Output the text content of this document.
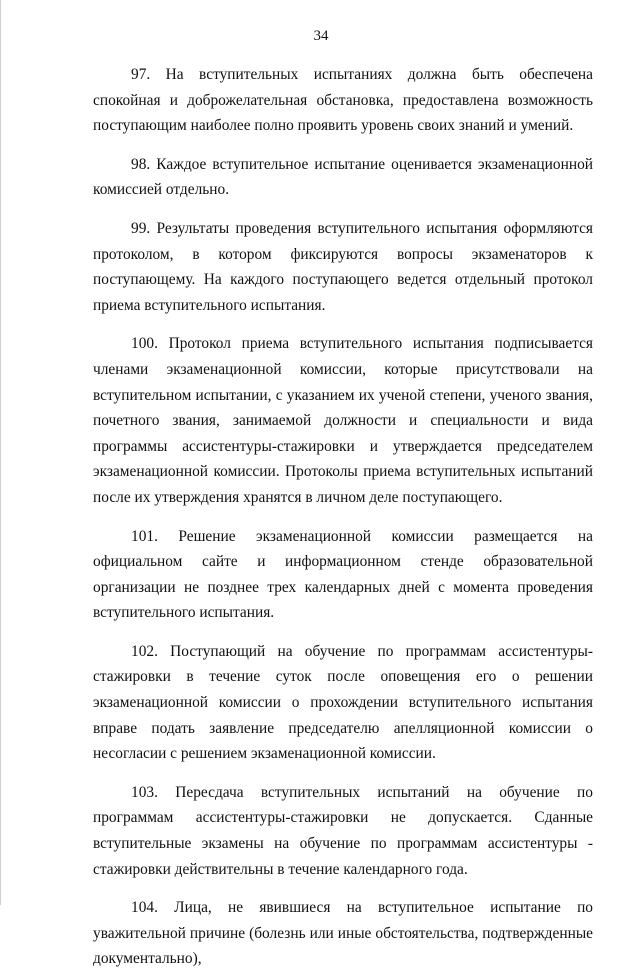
34

97. На вступительных испытаниях должна быть обеспечена спокойная и доброжелательная обстановка, предоставлена возможность поступающим наиболее полно проявить уровень своих знаний и умений.

98. Каждое вступительное испытание оценивается экзаменационной комиссией отдельно.

99. Результаты проведения вступительного испытания оформляются протоколом, в котором фиксируются вопросы экзаменаторов к поступающему. На каждого поступающего ведется отдельный протокол приема вступительного испытания.

100. Протокол приема вступительного испытания подписывается членами экзаменационной комиссии, которые присутствовали на вступительном испытании, с указанием их ученой степени, ученого звания, почетного звания, занимаемой должности и специальности и вида программы ассистентуры-стажировки и утверждается председателем экзаменационной комиссии. Протоколы приема вступительных испытаний после их утверждения хранятся в личном деле поступающего.

101. Решение экзаменационной комиссии размещается на официальном сайте и информационном стенде образовательной организации не позднее трех календарных дней с момента проведения вступительного испытания.

102. Поступающий на обучение по программам ассистентуры-стажировки в течение суток после оповещения его о решении экзаменационной комиссии о прохождении вступительного испытания вправе подать заявление председателю апелляционной комиссии о несогласии с решением экзаменационной комиссии.

103. Пересдача вступительных испытаний на обучение по программам ассистентуры-стажировки не допускается. Сданные вступительные экзамены на обучение по программам ассистентуры - стажировки действительны в течение календарного года.

104. Лица, не явившиеся на вступительное испытание по уважительной причине (болезнь или иные обстоятельства, подтвержденные документально),
